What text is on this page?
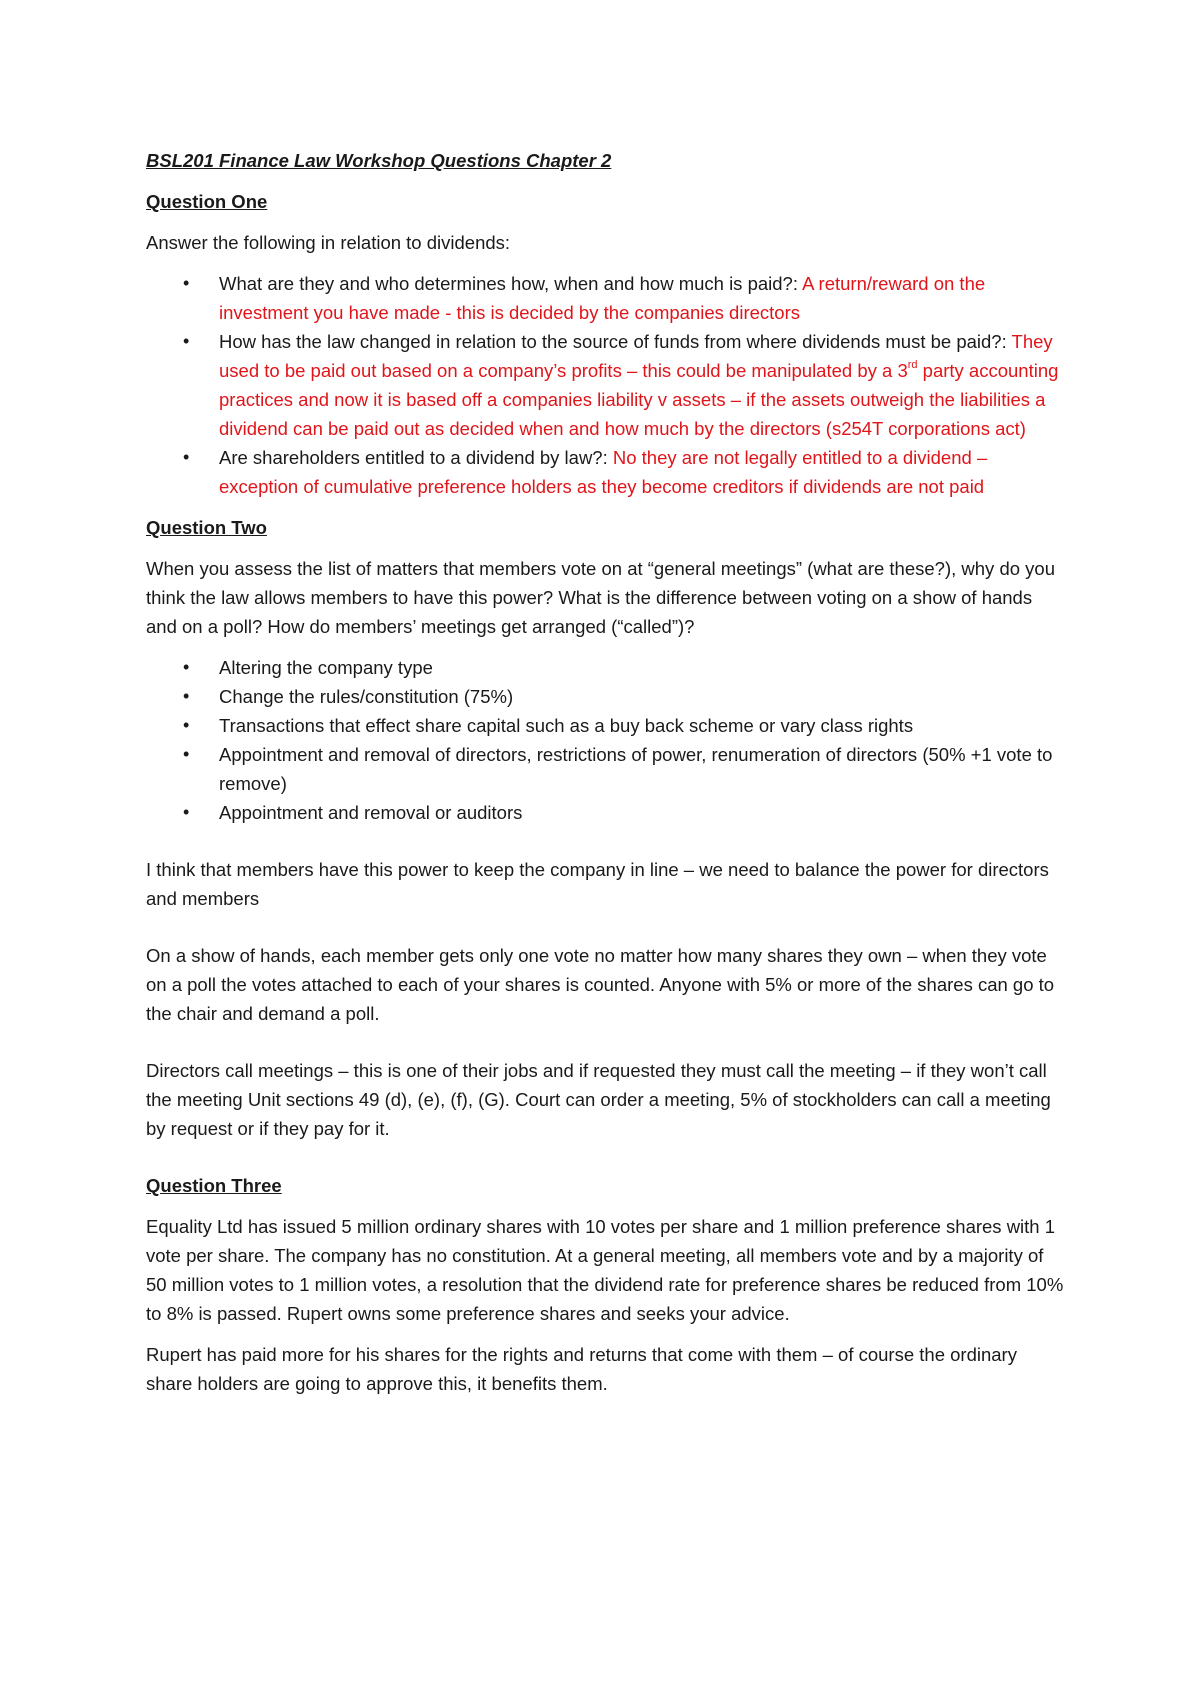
BSL201 Finance Law Workshop Questions Chapter 2
Question One

Answer the following in relation to dividends:

• What are they and who determines how, when and how much is paid?: A return/reward on the investment you have made - this is decided by the companies directors
• How has the law changed in relation to the source of funds from where dividends must be paid?: They used to be paid out based on a company’s profits – this could be manipulated by a 3rd party accounting practices and now it is based off a companies liability v assets – if the assets outweigh the liabilities a dividend can be paid out as decided when and how much by the directors (s254T corporations act)
• Are shareholders entitled to a dividend by law?: No they are not legally entitled to a dividend – exception of cumulative preference holders as they become creditors if dividends are not paid
Question Two

When you assess the list of matters that members vote on at “general meetings” (what are these?), why do you think the law allows members to have this power? What is the difference between voting on a show of hands and on a poll? How do members’ meetings get arranged (“called”)?

• Altering the company type
• Change the rules/constitution (75%)
• Transactions that effect share capital such as a buy back scheme or vary class rights
• Appointment and removal of directors, restrictions of power, renumeration of directors (50% +1 vote to remove)
• Appointment and removal or auditors

I think that members have this power to keep the company in line – we need to balance the power for directors and members

On a show of hands, each member gets only one vote no matter how many shares they own – when they vote on a poll the votes attached to each of your shares is counted. Anyone with 5% or more of the shares can go to the chair and demand a poll.

Directors call meetings – this is one of their jobs and if requested they must call the meeting – if they won’t call the meeting Unit sections 49 (d), (e), (f), (G). Court can order a meeting, 5% of stockholders can call a meeting by request or if they pay for it.

Question Three

Equality Ltd has issued 5 million ordinary shares with 10 votes per share and 1 million preference shares with 1 vote per share. The company has no constitution. At a general meeting, all members vote and by a majority of 50 million votes to 1 million votes, a resolution that the dividend rate for preference shares be reduced from 10% to 8% is passed. Rupert owns some preference shares and seeks your advice.

Rupert has paid more for his shares for the rights and returns that come with them – of course the ordinary share holders are going to approve this, it benefits them.
